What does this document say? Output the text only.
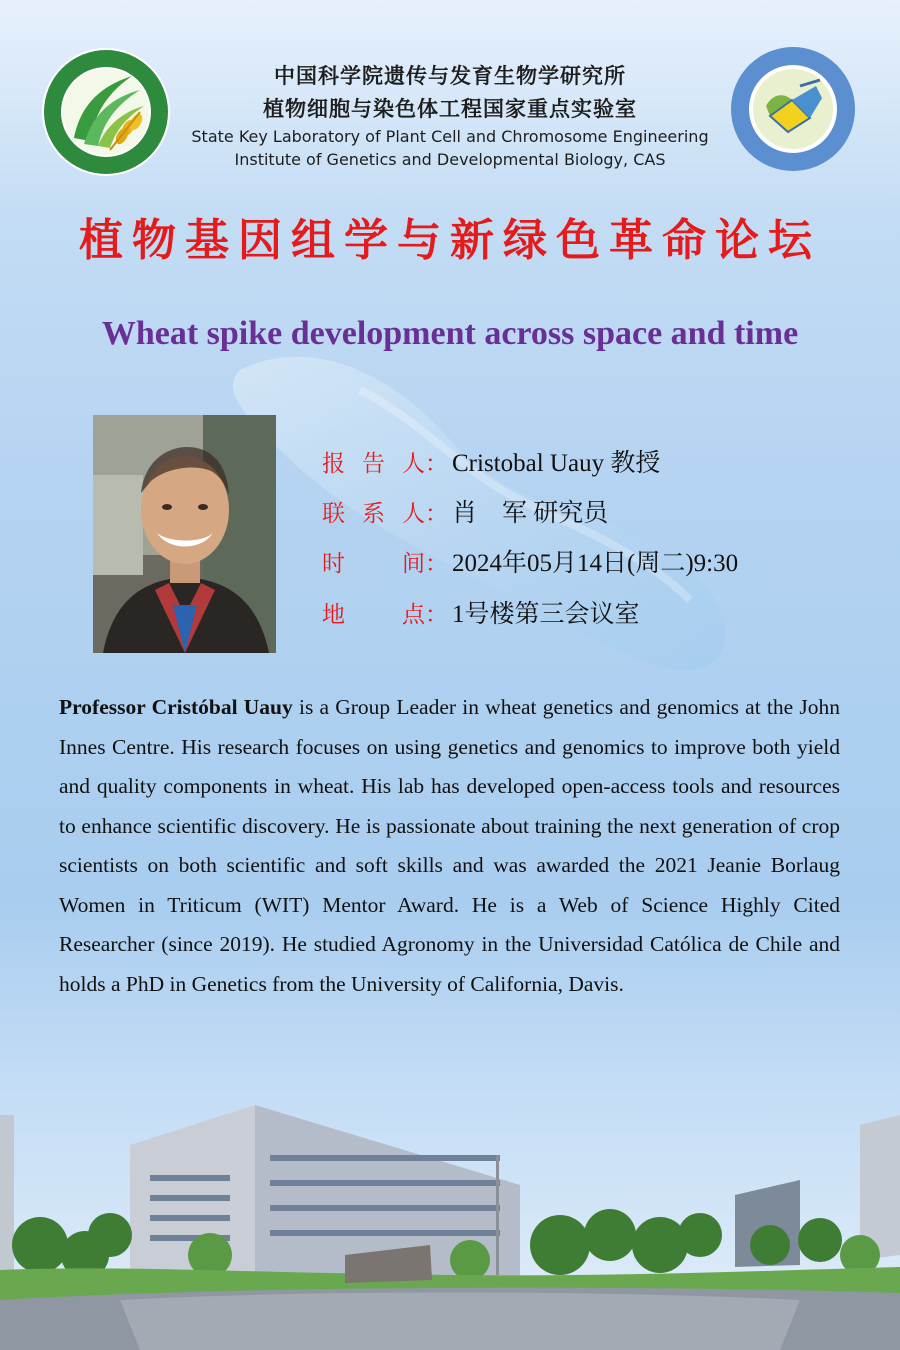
中国科学院遗传与发育生物学研究所
植物细胞与染色体工程国家重点实验室
State Key Laboratory of Plant Cell and Chromosome Engineering
Institute of Genetics and Developmental Biology, CAS
植物基因组学与新绿色革命论坛
Wheat spike development across space and time
报 告 人： Cristobal Uauy 教授
联 系 人： 肖　军 研究员
时 间： 2024年05月14日(周二)9:30
地 点： 1号楼第三会议室
Professor Cristóbal Uauy is a Group Leader in wheat genetics and genomics at the John Innes Centre. His research focuses on using genetics and genomics to improve both yield and quality components in wheat. His lab has developed open-access tools and resources to enhance scientific discovery. He is passionate about training the next generation of crop scientists on both scientific and soft skills and was awarded the 2021 Jeanie Borlaug Women in Triticum (WIT) Mentor Award. He is a Web of Science Highly Cited Researcher (since 2019). He studied Agronomy in the Universidad Católica de Chile and holds a PhD in Genetics from the University of California, Davis.
